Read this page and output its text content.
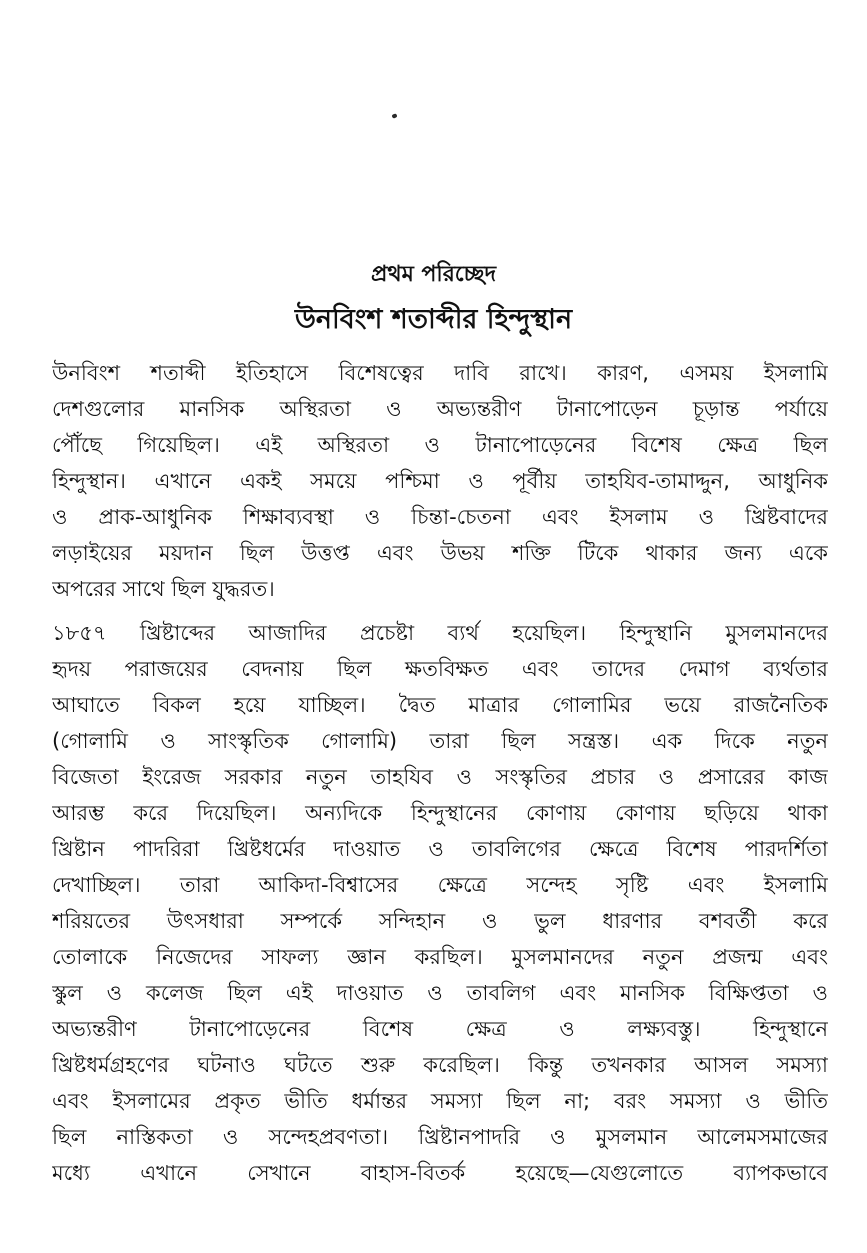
প্রথম পরিচ্ছেদ
উনবিংশ শতাব্দীর হিন্দুস্থান

উনবিংশ শতাব্দী ইতিহাসে বিশেষত্বের দাবি রাখে। কারণ, এসময় ইসলামি
দেশগুলোর মানসিক অস্থিরতা ও অভ্যন্তরীণ টানাপোড়েন চূড়ান্ত পর্যায়ে
পৌঁছে গিয়েছিল। এই অস্থিরতা ও টানাপোড়েনের বিশেষ ক্ষেত্র ছিল
হিন্দুস্থান। এখানে একই সময়ে পশ্চিমা ও পূর্বীয় তাহযিব-তামাদ্দুন, আধুনিক
ও প্রাক-আধুনিক শিক্ষাব্যবস্থা ও চিন্তা-চেতনা এবং ইসলাম ও খ্রিষ্টবাদের
লড়াইয়ের ময়দান ছিল উত্তপ্ত এবং উভয় শক্তি টিকে থাকার জন্য একে
অপরের সাথে ছিল যুদ্ধরত।

১৮৫৭ খ্রিষ্টাব্দের আজাদির প্রচেষ্টা ব্যর্থ হয়েছিল। হিন্দুস্থানি মুসলমানদের
হৃদয় পরাজয়ের বেদনায় ছিল ক্ষতবিক্ষত এবং তাদের দেমাগ ব্যর্থতার
আঘাতে বিকল হয়ে যাচ্ছিল। দ্বৈত মাত্রার গোলামির ভয়ে রাজনৈতিক
(গোলামি ও সাংস্কৃতিক গোলামি) তারা ছিল সন্ত্রস্ত। এক দিকে নতুন
বিজেতা ইংরেজ সরকার নতুন তাহযিব ও সংস্কৃতির প্রচার ও প্রসারের কাজ
আরম্ভ করে দিয়েছিল। অন্যদিকে হিন্দুস্থানের কোণায় কোণায় ছড়িয়ে থাকা
খ্রিষ্টান পাদরিরা খ্রিষ্টধর্মের দাওয়াত ও তাবলিগের ক্ষেত্রে বিশেষ পারদর্শিতা
দেখাচ্ছিল। তারা আকিদা-বিশ্বাসের ক্ষেত্রে সন্দেহ সৃষ্টি এবং ইসলামি
শরিয়তের উৎসধারা সম্পর্কে সন্দিহান ও ভুল ধারণার বশবর্তী করে
তোলাকে নিজেদের সাফল্য জ্ঞান করছিল। মুসলমানদের নতুন প্রজন্ম এবং
স্কুল ও কলেজ ছিল এই দাওয়াত ও তাবলিগ এবং মানসিক বিক্ষিপ্ততা ও
অভ্যন্তরীণ টানাপোড়েনের বিশেষ ক্ষেত্র ও লক্ষ্যবস্তু। হিন্দুস্থানে
খ্রিষ্টধর্মগ্রহণের ঘটনাও ঘটতে শুরু করেছিল। কিন্তু তখনকার আসল সমস্যা
এবং ইসলামের প্রকৃত ভীতি ধর্মান্তর সমস্যা ছিল না; বরং সমস্যা ও ভীতি
ছিল নাস্তিকতা ও সন্দেহপ্রবণতা। খ্রিষ্টানপাদরি ও মুসলমান আলেমসমাজের
মধ্যে এখানে সেখানে বাহাস-বিতর্ক হয়েছে—যেগুলোতে ব্যাপকভাবে
